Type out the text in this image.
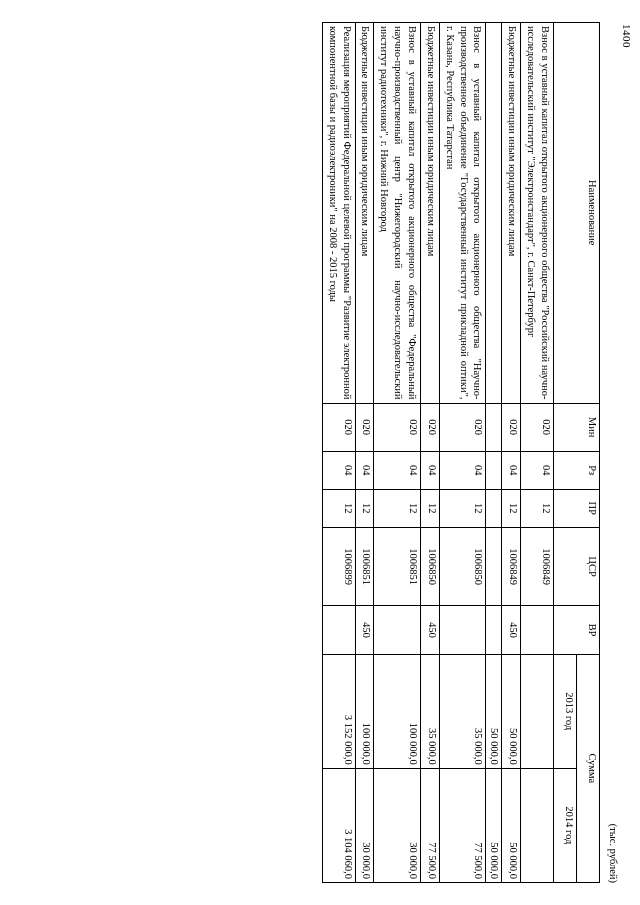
1400
(тыс. рублей)
Наименование	Мин	Рз	ПР	ЦСР	ВР	Сумма	
						2013 год	2014 год
Взнос в уставный капитал открытого акционерного общества "Российский научно-исследовательский институт "Электронстандарт", г. Санкт-Петербург	020	04	12	1006849			
Бюджетные инвестиции иным юридическим лицам	020	04	12	1006849	450	50 000,0	50 000,0
						50 000,0	50 000,0
Взнос в уставный капитал открытого акционерного общества "Научно-производственное объединение "Государственный институт прикладной оптики", г. Казань, Республика Татарстан	020	04	12	1006850		35 000,0	77 500,0
Бюджетные инвестиции иным юридическим лицам	020	04	12	1006850	450	35 000,0	77 500,0
Взнос в уставный капитал открытого акционерного общества "Федеральный научно-производственный центр "Нижегородский научно-исследовательский институт радиотехники", г. Нижний Новгород	020	04	12	1006851		100 000,0	30 000,0
Бюджетные инвестиции иным юридическим лицам	020	04	12	1006851	450	100 000,0	30 000,0
Реализация мероприятий Федеральной целевой программы "Развитие электронной компонентной базы и радиоэлектроники" на 2008 - 2015 годы	020	04	12	1006899		3 152 000,0	3 104 060,0
